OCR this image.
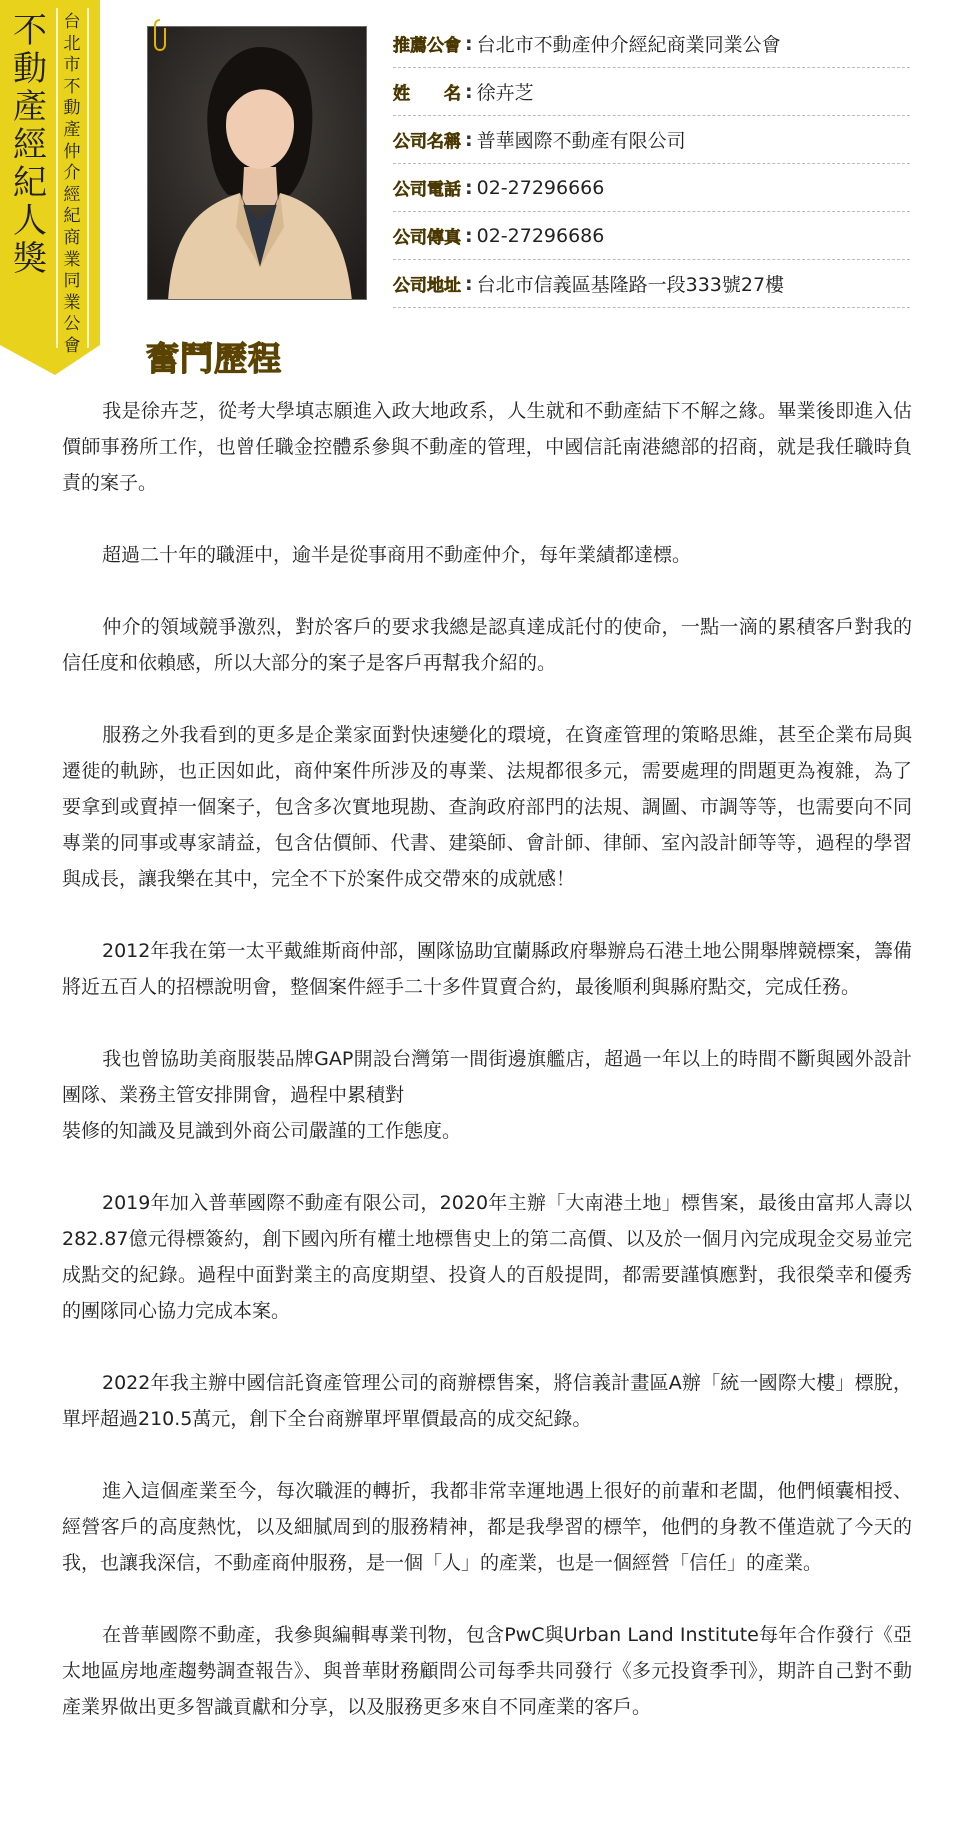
不動產經紀人獎
台北市不動產仲介經紀商業同業公會
推薦公會 : 台北市不動產仲介經紀商業同業公會
姓　　名 : 徐卉芝
公司名稱 : 普華國際不動產有限公司
公司電話 : 02-27296666
公司傳真 : 02-27296686
公司地址 : 台北市信義區基隆路一段333號27樓
奮鬥歷程

我是徐卉芝，從考大學填志願進入政大地政系，人生就和不動產結下不解之緣。畢業後即進入估價師事務所工作，也曾任職金控體系參與不動產的管理，中國信託南港總部的招商，就是我任職時負責的案子。

超過二十年的職涯中，逾半是從事商用不動產仲介，每年業績都達標。

仲介的領域競爭激烈，對於客戶的要求我總是認真達成託付的使命，一點一滴的累積客戶對我的信任度和依賴感，所以大部分的案子是客戶再幫我介紹的。

服務之外我看到的更多是企業家面對快速變化的環境，在資產管理的策略思維，甚至企業布局與遷徙的軌跡，也正因如此，商仲案件所涉及的專業、法規都很多元，需要處理的問題更為複雜，為了要拿到或賣掉一個案子，包含多次實地現勘、查詢政府部門的法規、調圖、市調等等，也需要向不同專業的同事或專家請益，包含估價師、代書、建築師、會計師、律師、室內設計師等等，過程的學習與成長，讓我樂在其中，完全不下於案件成交帶來的成就感！

2012年我在第一太平戴維斯商仲部，團隊協助宜蘭縣政府舉辦烏石港土地公開舉牌競標案，籌備將近五百人的招標說明會，整個案件經手二十多件買賣合約，最後順利與縣府點交，完成任務。

我也曾協助美商服裝品牌GAP開設台灣第一間街邊旗艦店，超過一年以上的時間不斷與國外設計團隊、業務主管安排開會，過程中累積對
裝修的知識及見識到外商公司嚴謹的工作態度。

2019年加入普華國際不動產有限公司，2020年主辦「大南港土地」標售案，最後由富邦人壽以282.87億元得標簽約，創下國內所有權土地標售史上的第二高價、以及於一個月內完成現金交易並完成點交的紀錄。過程中面對業主的高度期望、投資人的百般提問，都需要謹慎應對，我很榮幸和優秀的團隊同心協力完成本案。

2022年我主辦中國信託資產管理公司的商辦標售案，將信義計畫區A辦「統一國際大樓」標脫，單坪超過210.5萬元，創下全台商辦單坪單價最高的成交紀錄。

進入這個產業至今，每次職涯的轉折，我都非常幸運地遇上很好的前輩和老闆，他們傾囊相授、經營客戶的高度熱忱，以及細膩周到的服務精神，都是我學習的標竿，他們的身教不僅造就了今天的我，也讓我深信，不動產商仲服務，是一個「人」的產業，也是一個經營「信任」的產業。

在普華國際不動產，我參與編輯專業刊物，包含PwC與Urban Land Institute每年合作發行《亞太地區房地產趨勢調查報告》、與普華財務顧問公司每季共同發行《多元投資季刊》，期許自己對不動產業界做出更多智識貢獻和分享，以及服務更多來自不同產業的客戶。
